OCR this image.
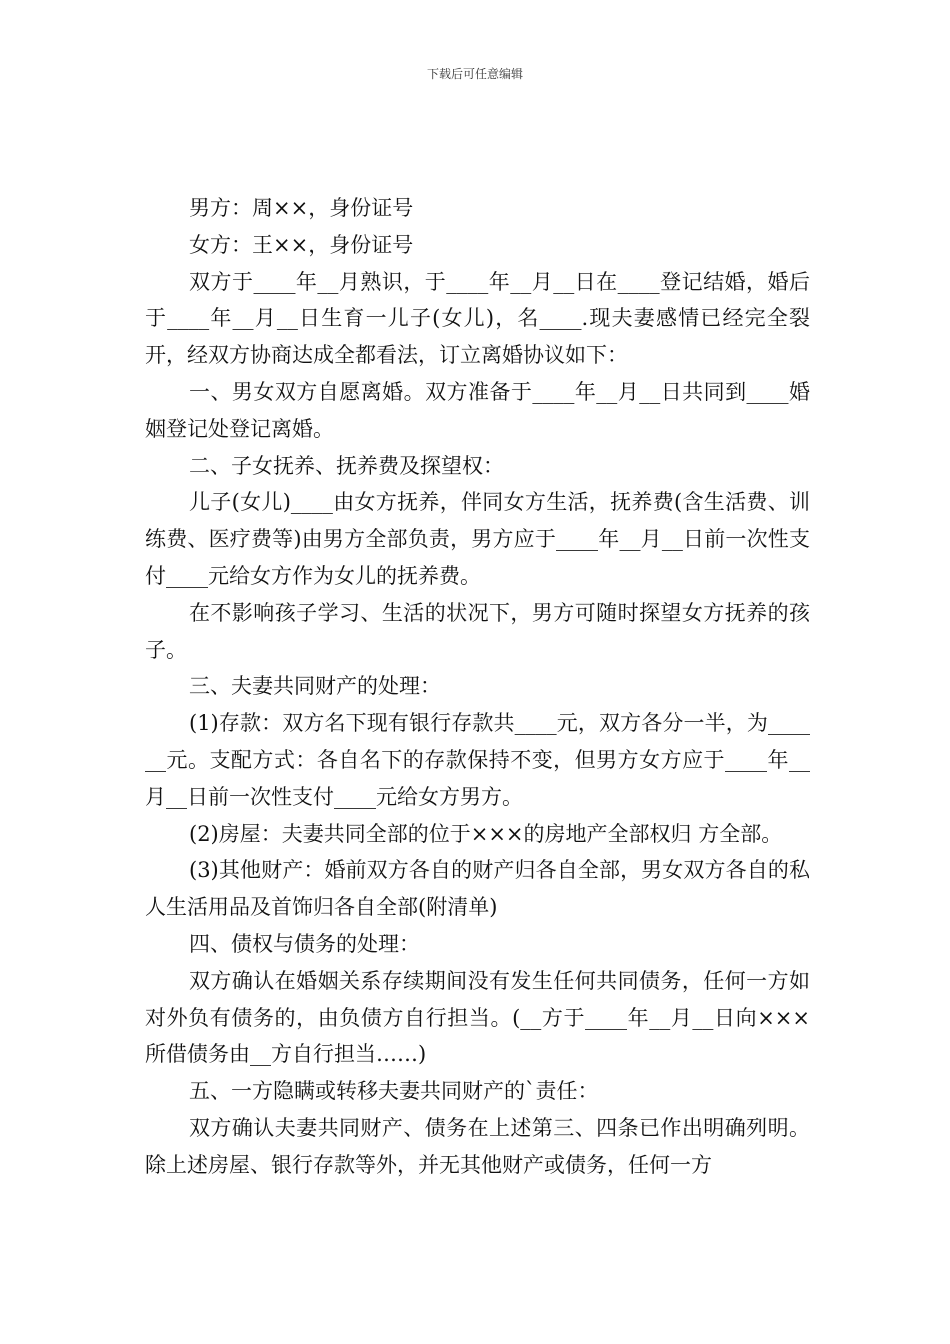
下载后可任意编辑

男方：周××，身份证号

女方：王××，身份证号

双方于____年__月熟识，于____年__月__日在____登记结婚，婚后于____年__月__日生育一儿子(女儿)，名____.现夫妻感情已经完全裂开，经双方协商达成全都看法，订立离婚协议如下：

一、男女双方自愿离婚。双方准备于____年__月__日共同到____婚姻登记处登记离婚。

二、子女抚养、抚养费及探望权：

儿子(女儿)____由女方抚养，伴同女方生活，抚养费(含生活费、训练费、医疗费等)由男方全部负责，男方应于____年__月__日前一次性支付____元给女方作为女儿的抚养费。

在不影响孩子学习、生活的状况下，男方可随时探望女方抚养的孩子。

三、夫妻共同财产的处理：

(1)存款：双方名下现有银行存款共____元，双方各分一半，为______元。支配方式：各自名下的存款保持不变，但男方女方应于____年__月__日前一次性支付____元给女方男方。

(2)房屋：夫妻共同全部的位于×××的房地产全部权归 方全部。

(3)其他财产：婚前双方各自的财产归各自全部，男女双方各自的私人生活用品及首饰归各自全部(附清单)

四、债权与债务的处理：

双方确认在婚姻关系存续期间没有发生任何共同债务，任何一方如对外负有债务的，由负债方自行担当。(__方于____年__月__日向×××所借债务由__方自行担当……)

五、一方隐瞒或转移夫妻共同财产的`责任：

双方确认夫妻共同财产、债务在上述第三、四条已作出明确列明。除上述房屋、银行存款等外，并无其他财产或债务，任何一方
